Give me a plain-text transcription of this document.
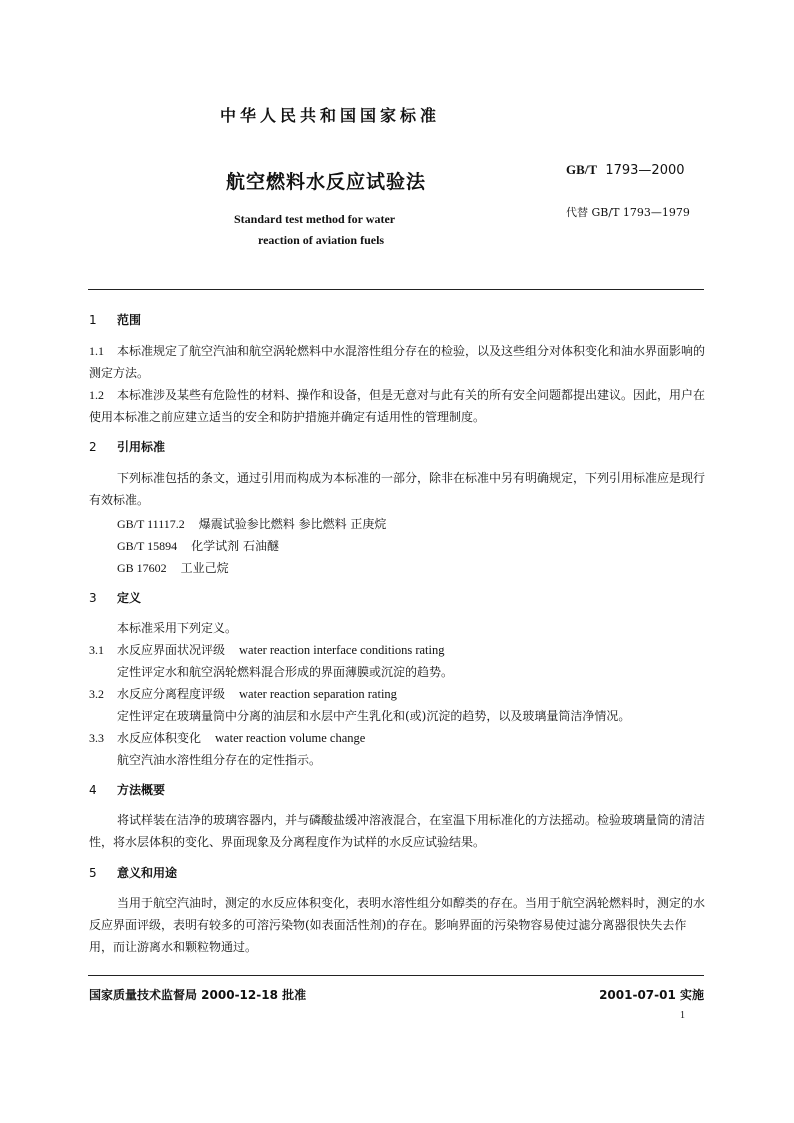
中华人民共和国国家标准
航空燃料水反应试验法
GB/T 1793—2000
代替 GB/T 1793—1979
Standard test method for water
reaction of aviation fuels
1 范围
1.1 本标准规定了航空汽油和航空涡轮燃料中水混溶性组分存在的检验，以及这些组分对体积变化和油水界面影响的测定方法。
1.2 本标准涉及某些有危险性的材料、操作和设备，但是无意对与此有关的所有安全问题都提出建议。因此，用户在使用本标准之前应建立适当的安全和防护措施并确定有适用性的管理制度。
2 引用标准
下列标准包括的条文，通过引用而构成为本标准的一部分，除非在标准中另有明确规定，下列引用标准应是现行有效标准。
GB/T 11117.2 爆震试验参比燃料 参比燃料 正庚烷
GB/T 15894 化学试剂 石油醚
GB 17602 工业己烷
3 定义
本标准采用下列定义。
3.1 水反应界面状况评级 water reaction interface conditions rating
定性评定水和航空涡轮燃料混合形成的界面薄膜或沉淀的趋势。
3.2 水反应分离程度评级 water reaction separation rating
定性评定在玻璃量筒中分离的油层和水层中产生乳化和(或)沉淀的趋势，以及玻璃量筒洁净情况。
3.3 水反应体积变化 water reaction volume change
航空汽油水溶性组分存在的定性指示。
4 方法概要
将试样装在洁净的玻璃容器内，并与磷酸盐缓冲溶液混合，在室温下用标准化的方法摇动。检验玻璃量筒的清洁性，将水层体积的变化、界面现象及分离程度作为试样的水反应试验结果。
5 意义和用途
当用于航空汽油时，测定的水反应体积变化，表明水溶性组分如醇类的存在。当用于航空涡轮燃料时，测定的水反应界面评级，表明有较多的可溶污染物(如表面活性剂)的存在。影响界面的污染物容易使过滤分离器很快失去作用，而让游离水和颗粒物通过。
国家质量技术监督局 2000-12-18 批准	2001-07-01 实施
1
